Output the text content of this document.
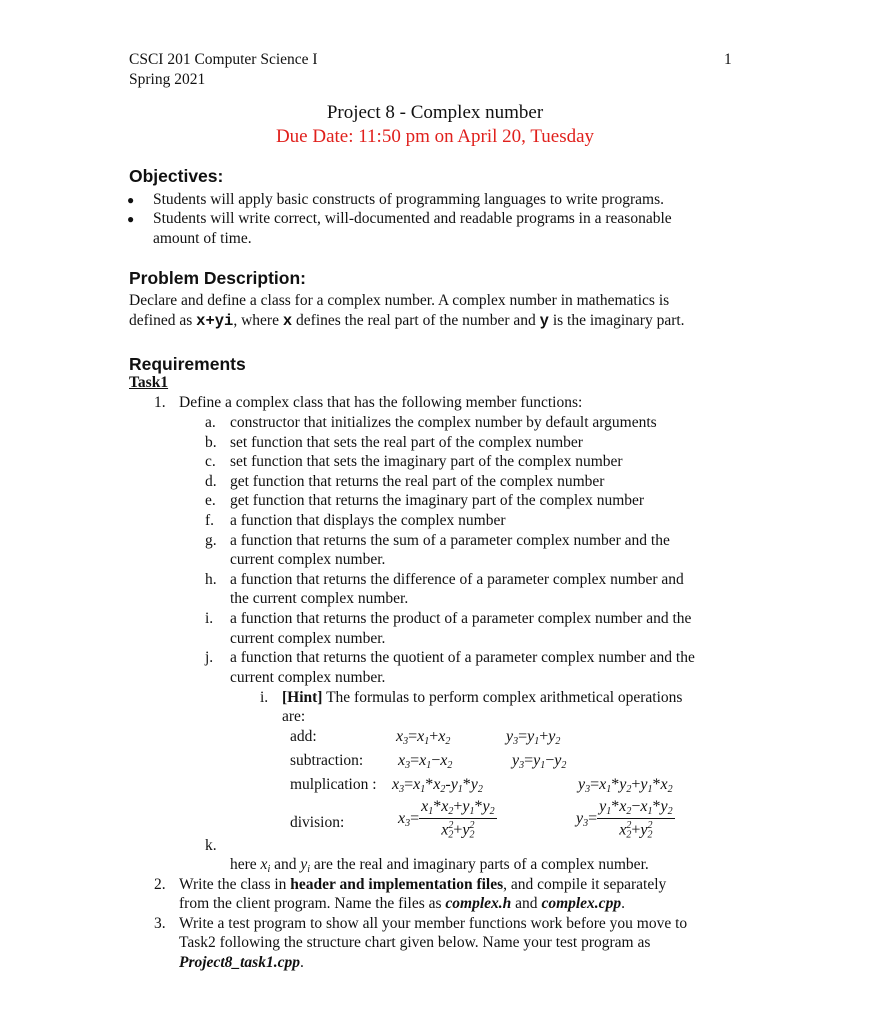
CSCI 201 Computer Science I
Spring 2021
1
Project 8 - Complex number
Due Date: 11:50 pm on April 20, Tuesday
Objectives:
● Students will apply basic constructs of programming languages to write programs.
● Students will write correct, will-documented and readable programs in a reasonable
amount of time.
Problem Description:
Declare and define a class for a complex number. A complex number in mathematics is
defined as x+yi, where x defines the real part of the number and y is the imaginary part.
Requirements
Task1
1. Define a complex class that has the following member functions:
a. constructor that initializes the complex number by default arguments
b. set function that sets the real part of the complex number
c. set function that sets the imaginary part of the complex number
d. get function that returns the real part of the complex number
e. get function that returns the imaginary part of the complex number
f. a function that displays the complex number
g. a function that returns the sum of a parameter complex number and the
current complex number.
h. a function that returns the difference of a parameter complex number and
the current complex number.
i. a function that returns the product of a parameter complex number and the
current complex number.
j. a function that returns the quotient of a parameter complex number and the
current complex number.
i. [Hint] The formulas to perform complex arithmetical operations
are:
add:	$x_3=x_1+x_2$	$y_3=y_1+y_2$
subtraction: $x_3=x_1-x_2$	$y_3=y_1-y_2$
mulplication : $x_3=x_1*x_2-y_1*y_2$	$y_3=x_1*y_2+y_1*x_2$
division:	$x_3= \frac{x_1*x_2+y_1*y_2}{x_2^2+y_2^2}$	$y_3= \frac{y_1*x_2-x_1*y_2}{x_2^2+y_2^2}$
k.
here $x_i$ and $y_i$ are the real and imaginary parts of a complex number.
2. Write the class in header and implementation files, and compile it separately
from the client program. Name the files as complex.h and complex.cpp.
3. Write a test program to show all your member functions work before you move to
Task2 following the structure chart given below. Name your test program as
Project8_task1.cpp.
